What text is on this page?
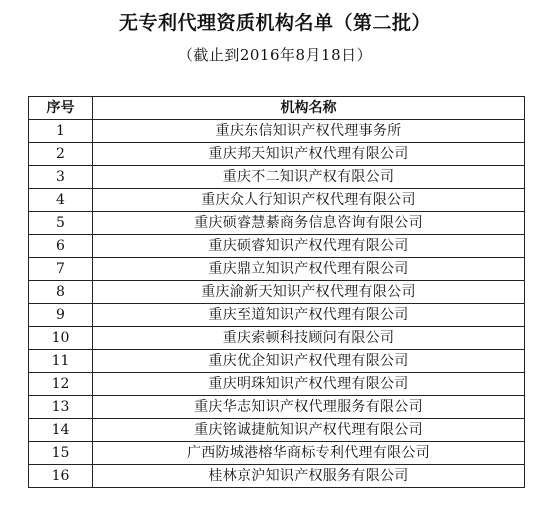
无专利代理资质机构名单（第二批）
（截止到2016年8月18日）
序号	机构名称
1	重庆东信知识产权代理事务所
2	重庆邦天知识产权代理有限公司
3	重庆不二知识产权有限公司
4	重庆众人行知识产权代理有限公司
5	重庆硕睿慧綦商务信息咨询有限公司
6	重庆硕睿知识产权代理有限公司
7	重庆鼎立知识产权代理有限公司
8	重庆渝新天知识产权代理有限公司
9	重庆至道知识产权代理有限公司
10	重庆索顿科技顾问有限公司
11	重庆优企知识产权代理有限公司
12	重庆明珠知识产权代理有限公司
13	重庆华志知识产权代理服务有限公司
14	重庆铭诚捷航知识产权代理有限公司
15	广西防城港榕华商标专利代理有限公司
16	桂林京沪知识产权服务有限公司
